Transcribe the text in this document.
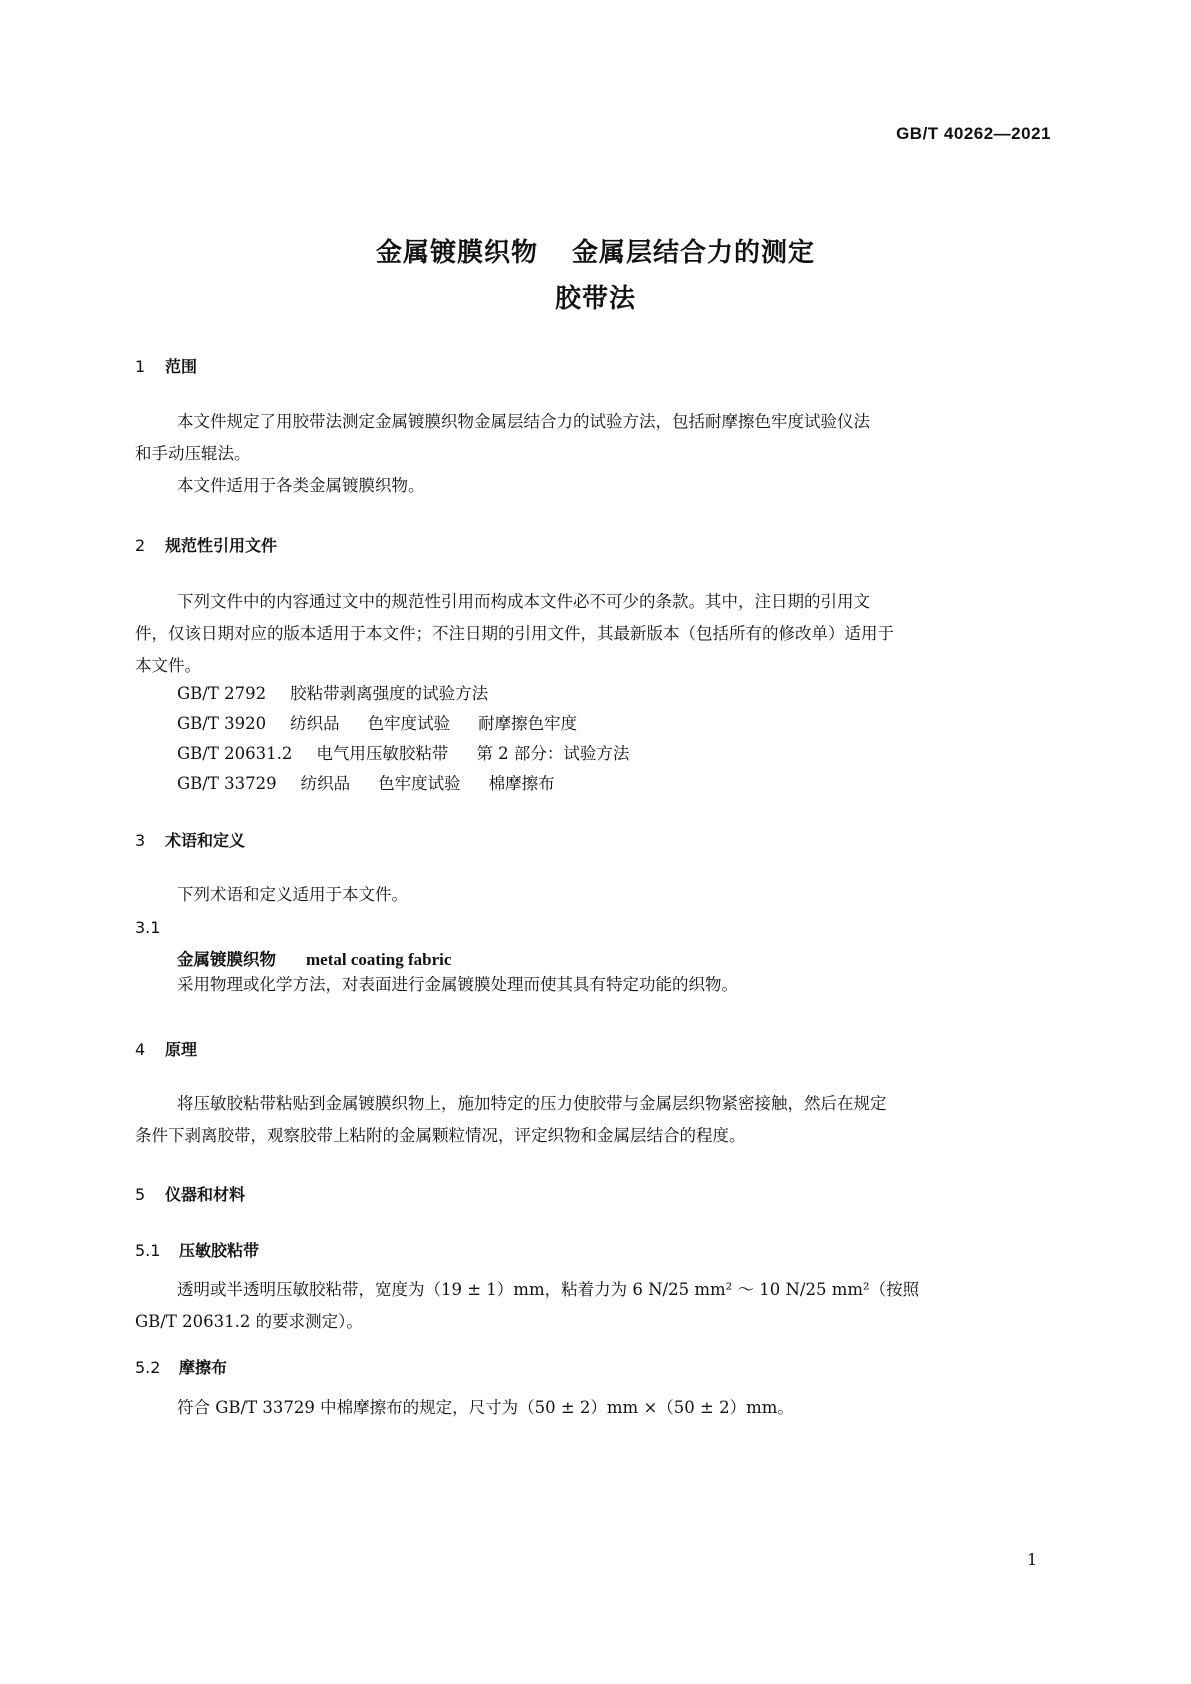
GB/T 40262—2021
金属镀膜织物 金属层结合力的测定
胶带法
1 范围
本文件规定了用胶带法测定金属镀膜织物金属层结合力的试验方法，包括耐摩擦色牢度试验仪法
和手动压辊法。
本文件适用于各类金属镀膜织物。
2 规范性引用文件
下列文件中的内容通过文中的规范性引用而构成本文件必不可少的条款。其中，注日期的引用文
件，仅该日期对应的版本适用于本文件；不注日期的引用文件，其最新版本（包括所有的修改单）适用于
本文件。
GB/T 2792 胶粘带剥离强度的试验方法
GB/T 3920 纺织品 色牢度试验 耐摩擦色牢度
GB/T 20631.2 电气用压敏胶粘带 第 2 部分：试验方法
GB/T 33729 纺织品 色牢度试验 棉摩擦布
3 术语和定义
下列术语和定义适用于本文件。
3.1
金属镀膜织物 metal coating fabric
采用物理或化学方法，对表面进行金属镀膜处理而使其具有特定功能的织物。
4 原理
将压敏胶粘带粘贴到金属镀膜织物上，施加特定的压力使胶带与金属层织物紧密接触，然后在规定
条件下剥离胶带，观察胶带上粘附的金属颗粒情况，评定织物和金属层结合的程度。
5 仪器和材料
5.1 压敏胶粘带
透明或半透明压敏胶粘带，宽度为（19 ± 1）mm，粘着力为 6 N/25 mm² ～ 10 N/25 mm²（按照
GB/T 20631.2 的要求测定）。
5.2 摩擦布
符合 GB/T 33729 中棉摩擦布的规定，尺寸为（50 ± 2）mm ×（50 ± 2）mm。
1
